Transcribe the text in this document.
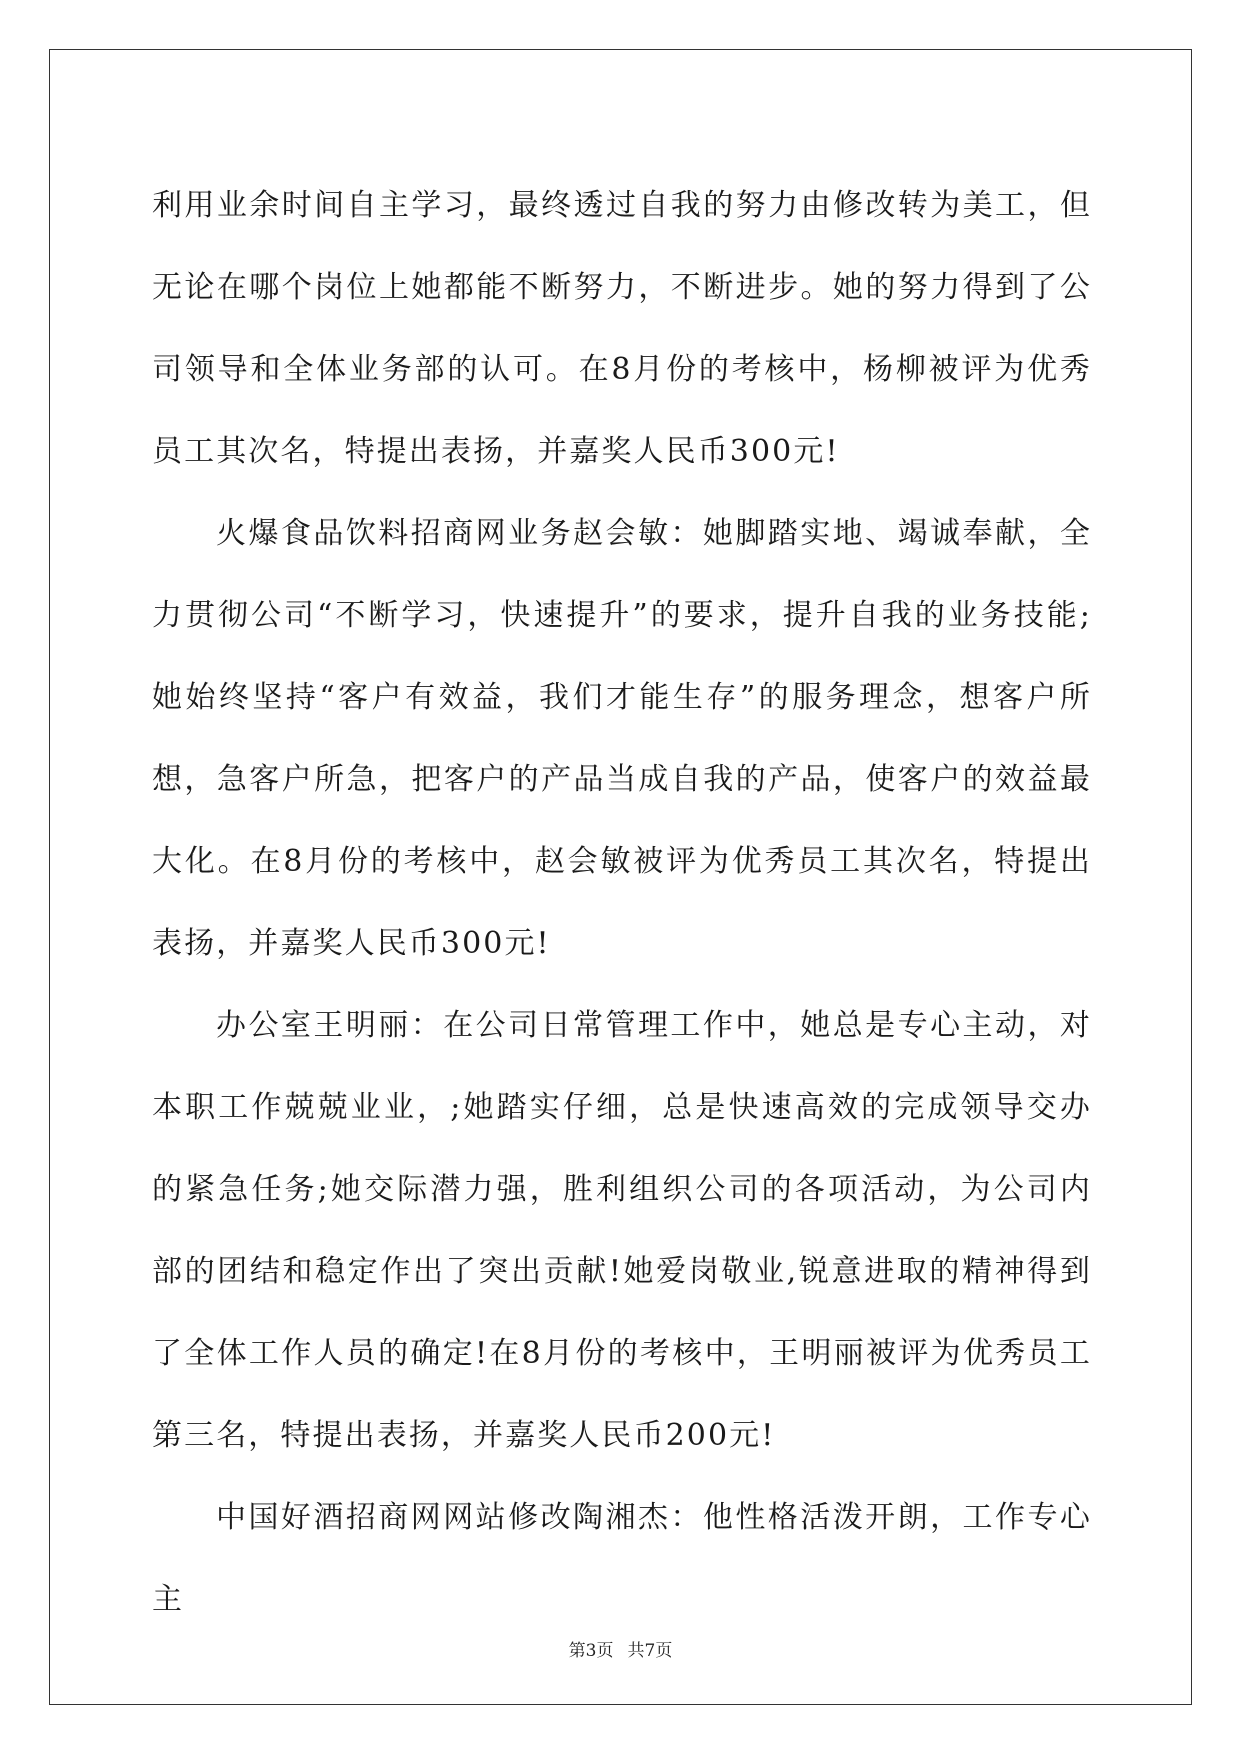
利用业余时间自主学习，最终透过自我的努力由修改转为美工，但无论在哪个岗位上她都能不断努力，不断进步。她的努力得到了公司领导和全体业务部的认可。在8月份的考核中，杨柳被评为优秀员工其次名，特提出表扬，并嘉奖人民币300元!

火爆食品饮料招商网业务赵会敏：她脚踏实地、竭诚奉献，全力贯彻公司“不断学习，快速提升”的要求，提升自我的业务技能;她始终坚持“客户有效益，我们才能生存”的服务理念，想客户所想，急客户所急，把客户的产品当成自我的产品，使客户的效益最大化。在8月份的考核中，赵会敏被评为优秀员工其次名，特提出表扬，并嘉奖人民币300元!

办公室王明丽：在公司日常管理工作中，她总是专心主动，对本职工作兢兢业业，;她踏实仔细，总是快速高效的完成领导交办的紧急任务;她交际潜力强，胜利组织公司的各项活动，为公司内部的团结和稳定作出了突出贡献!她爱岗敬业,锐意进取的精神得到了全体工作人员的确定!在8月份的考核中，王明丽被评为优秀员工第三名，特提出表扬，并嘉奖人民币200元!

中国好酒招商网网站修改陶湘杰：他性格活泼开朗，工作专心主

第3页 共7页
